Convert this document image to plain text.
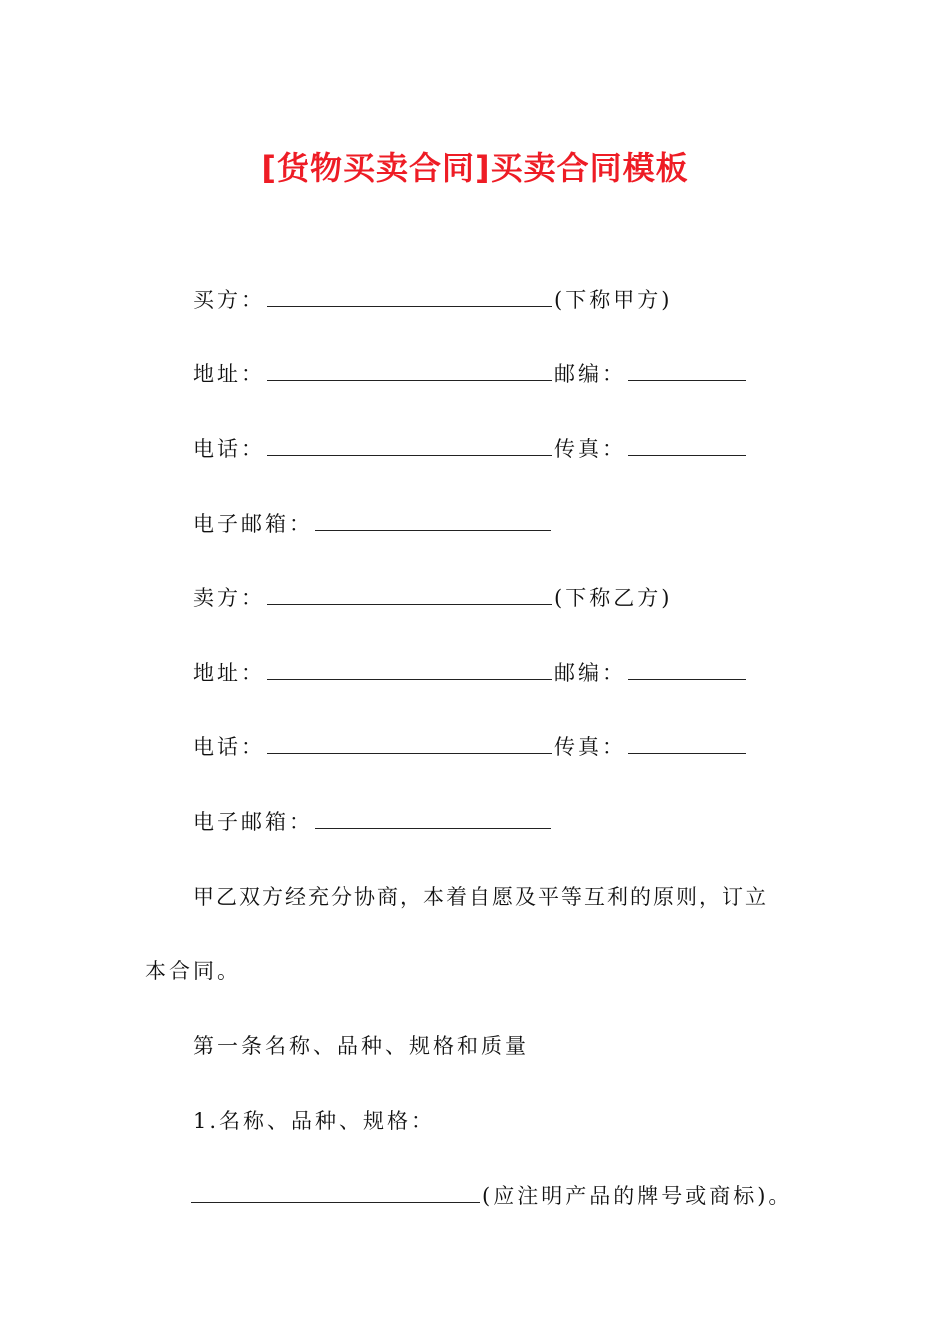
[货物买卖合同]买卖合同模板
买方：	(下称甲方)
地址：	邮编：
电话：	传真：
电子邮箱：
卖方：	(下称乙方)
地址：	邮编：
电话：	传真：
电子邮箱：
甲乙双方经充分协商，本着自愿及平等互利的原则，订立
本合同。
第一条名称、品种、规格和质量
1.名称、品种、规格：
(应注明产品的牌号或商标)。
